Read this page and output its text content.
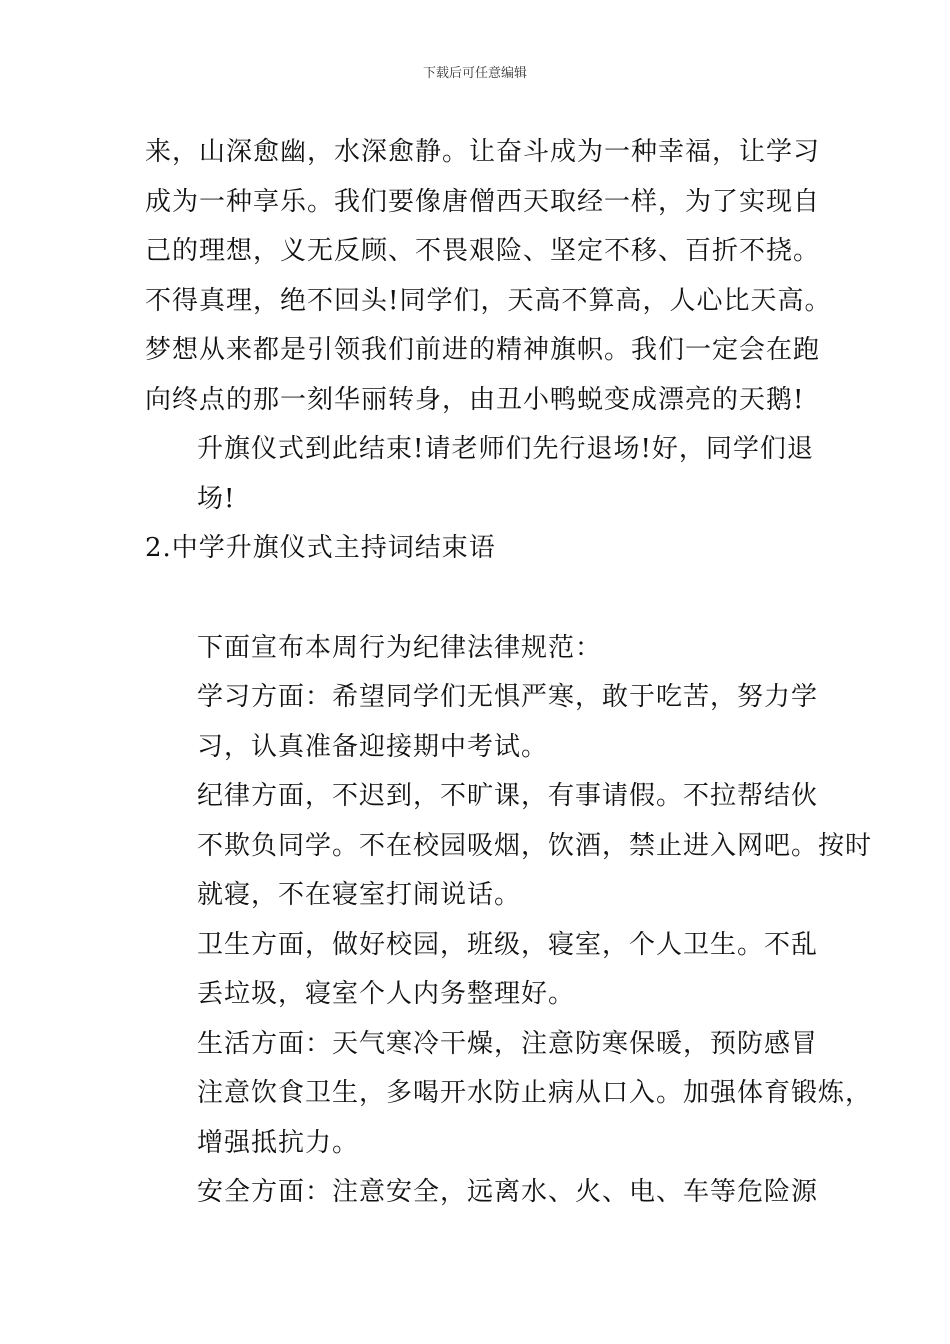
下载后可任意编辑

来，山深愈幽，水深愈静。让奋斗成为一种幸福，让学习
成为一种享乐。我们要像唐僧西天取经一样，为了实现自
己的理想，义无反顾、不畏艰险、坚定不移、百折不挠。
不得真理，绝不回头!同学们，天高不算高，人心比天高。
梦想从来都是引领我们前进的精神旗帜。我们一定会在跑
向终点的那一刻华丽转身，由丑小鸭蜕变成漂亮的天鹅!

升旗仪式到此结束!请老师们先行退场!好，同学们退
场!

2.中学升旗仪式主持词结束语

下面宣布本周行为纪律法律规范：

学习方面：希望同学们无惧严寒，敢于吃苦，努力学
习，认真准备迎接期中考试。

纪律方面，不迟到，不旷课，有事请假。不拉帮结伙
不欺负同学。不在校园吸烟，饮酒，禁止进入网吧。按时
就寝，不在寝室打闹说话。

卫生方面，做好校园，班级，寝室，个人卫生。不乱
丢垃圾，寝室个人内务整理好。

生活方面：天气寒冷干燥，注意防寒保暖，预防感冒
注意饮食卫生，多喝开水防止病从口入。加强体育锻炼，
增强抵抗力。

安全方面：注意安全，远离水、火、电、车等危险源
